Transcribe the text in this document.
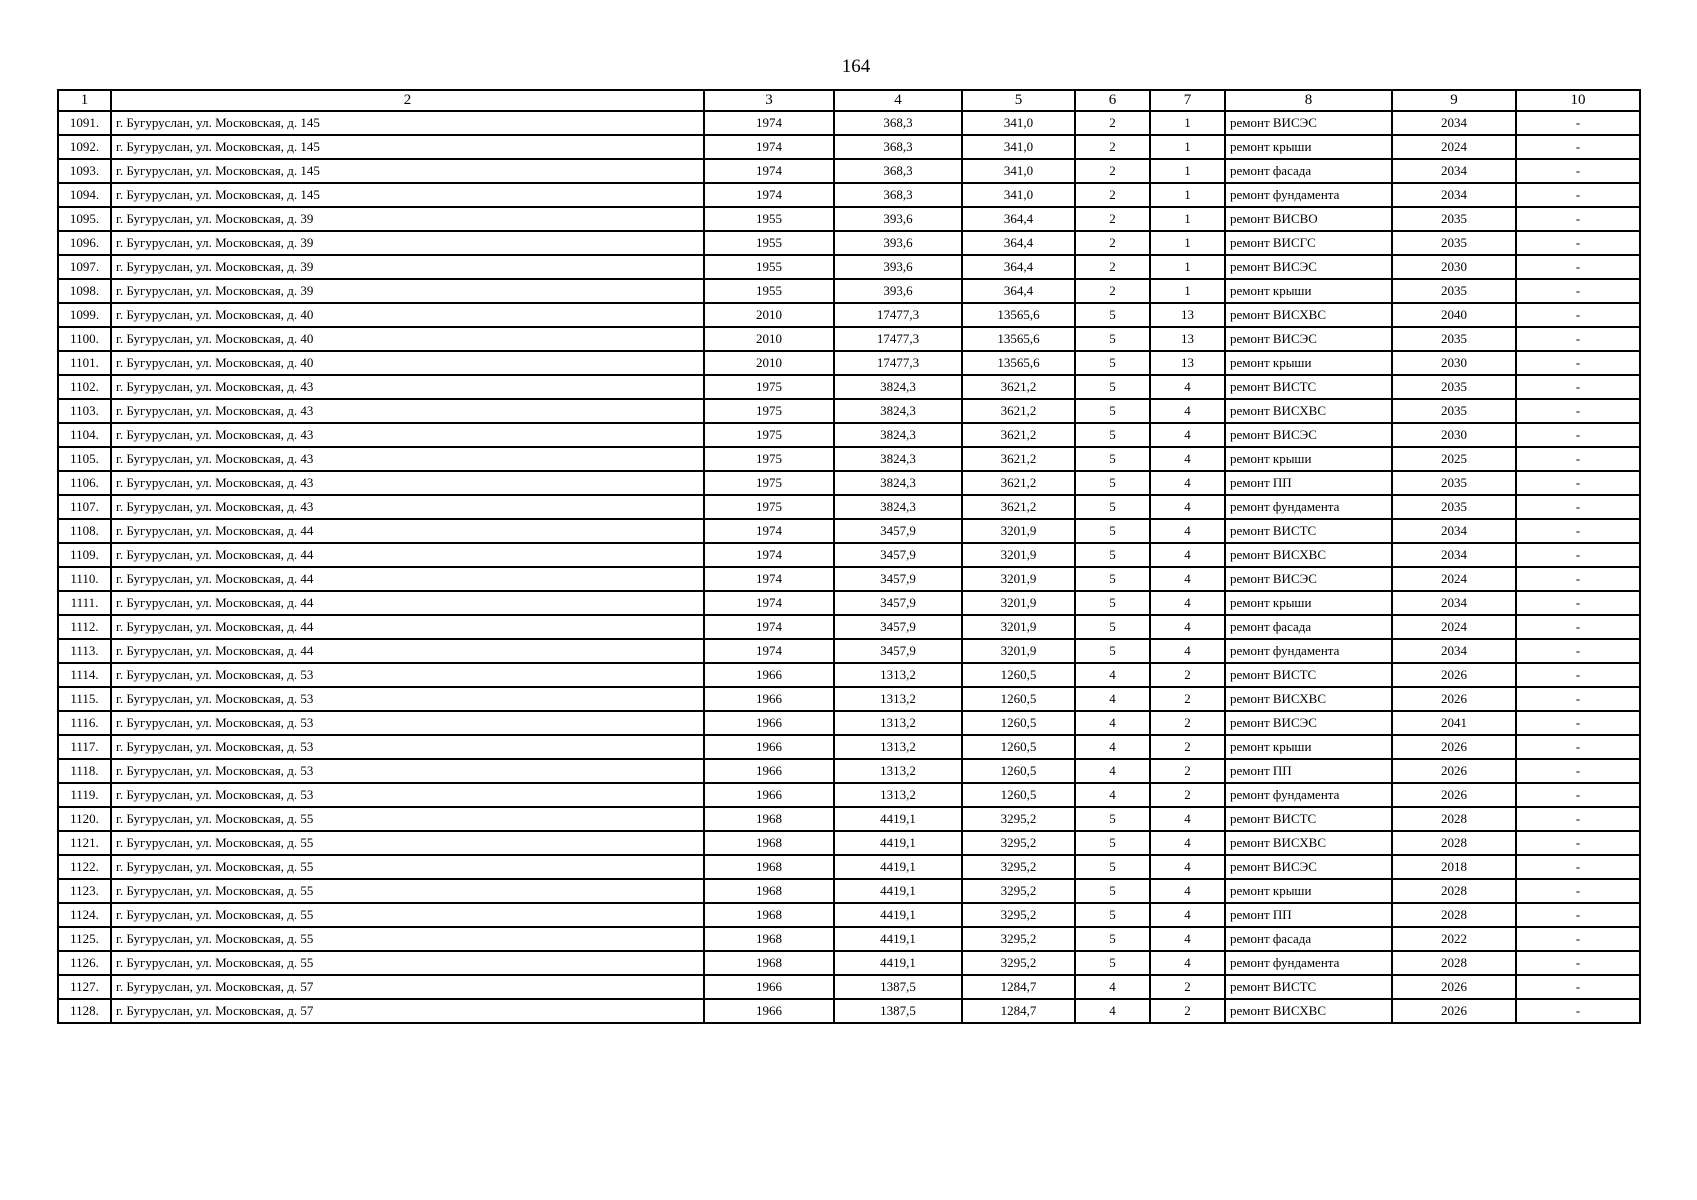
164
1	2	3	4	5	6	7	8	9	10
1091.	г. Бугуруслан, ул. Московская, д. 145	1974	368,3	341,0	2	1	ремонт ВИСЭС	2034	-
1092.	г. Бугуруслан, ул. Московская, д. 145	1974	368,3	341,0	2	1	ремонт крыши	2024	-
1093.	г. Бугуруслан, ул. Московская, д. 145	1974	368,3	341,0	2	1	ремонт фасада	2034	-
1094.	г. Бугуруслан, ул. Московская, д. 145	1974	368,3	341,0	2	1	ремонт фундамента	2034	-
1095.	г. Бугуруслан, ул. Московская, д. 39	1955	393,6	364,4	2	1	ремонт ВИСВО	2035	-
1096.	г. Бугуруслан, ул. Московская, д. 39	1955	393,6	364,4	2	1	ремонт ВИСГС	2035	-
1097.	г. Бугуруслан, ул. Московская, д. 39	1955	393,6	364,4	2	1	ремонт ВИСЭС	2030	-
1098.	г. Бугуруслан, ул. Московская, д. 39	1955	393,6	364,4	2	1	ремонт крыши	2035	-
1099.	г. Бугуруслан, ул. Московская, д. 40	2010	17477,3	13565,6	5	13	ремонт ВИСХВС	2040	-
1100.	г. Бугуруслан, ул. Московская, д. 40	2010	17477,3	13565,6	5	13	ремонт ВИСЭС	2035	-
1101.	г. Бугуруслан, ул. Московская, д. 40	2010	17477,3	13565,6	5	13	ремонт крыши	2030	-
1102.	г. Бугуруслан, ул. Московская, д. 43	1975	3824,3	3621,2	5	4	ремонт ВИСТС	2035	-
1103.	г. Бугуруслан, ул. Московская, д. 43	1975	3824,3	3621,2	5	4	ремонт ВИСХВС	2035	-
1104.	г. Бугуруслан, ул. Московская, д. 43	1975	3824,3	3621,2	5	4	ремонт ВИСЭС	2030	-
1105.	г. Бугуруслан, ул. Московская, д. 43	1975	3824,3	3621,2	5	4	ремонт крыши	2025	-
1106.	г. Бугуруслан, ул. Московская, д. 43	1975	3824,3	3621,2	5	4	ремонт ПП	2035	-
1107.	г. Бугуруслан, ул. Московская, д. 43	1975	3824,3	3621,2	5	4	ремонт фундамента	2035	-
1108.	г. Бугуруслан, ул. Московская, д. 44	1974	3457,9	3201,9	5	4	ремонт ВИСТС	2034	-
1109.	г. Бугуруслан, ул. Московская, д. 44	1974	3457,9	3201,9	5	4	ремонт ВИСХВС	2034	-
1110.	г. Бугуруслан, ул. Московская, д. 44	1974	3457,9	3201,9	5	4	ремонт ВИСЭС	2024	-
1111.	г. Бугуруслан, ул. Московская, д. 44	1974	3457,9	3201,9	5	4	ремонт крыши	2034	-
1112.	г. Бугуруслан, ул. Московская, д. 44	1974	3457,9	3201,9	5	4	ремонт фасада	2024	-
1113.	г. Бугуруслан, ул. Московская, д. 44	1974	3457,9	3201,9	5	4	ремонт фундамента	2034	-
1114.	г. Бугуруслан, ул. Московская, д. 53	1966	1313,2	1260,5	4	2	ремонт ВИСТС	2026	-
1115.	г. Бугуруслан, ул. Московская, д. 53	1966	1313,2	1260,5	4	2	ремонт ВИСХВС	2026	-
1116.	г. Бугуруслан, ул. Московская, д. 53	1966	1313,2	1260,5	4	2	ремонт ВИСЭС	2041	-
1117.	г. Бугуруслан, ул. Московская, д. 53	1966	1313,2	1260,5	4	2	ремонт крыши	2026	-
1118.	г. Бугуруслан, ул. Московская, д. 53	1966	1313,2	1260,5	4	2	ремонт ПП	2026	-
1119.	г. Бугуруслан, ул. Московская, д. 53	1966	1313,2	1260,5	4	2	ремонт фундамента	2026	-
1120.	г. Бугуруслан, ул. Московская, д. 55	1968	4419,1	3295,2	5	4	ремонт ВИСТС	2028	-
1121.	г. Бугуруслан, ул. Московская, д. 55	1968	4419,1	3295,2	5	4	ремонт ВИСХВС	2028	-
1122.	г. Бугуруслан, ул. Московская, д. 55	1968	4419,1	3295,2	5	4	ремонт ВИСЭС	2018	-
1123.	г. Бугуруслан, ул. Московская, д. 55	1968	4419,1	3295,2	5	4	ремонт крыши	2028	-
1124.	г. Бугуруслан, ул. Московская, д. 55	1968	4419,1	3295,2	5	4	ремонт ПП	2028	-
1125.	г. Бугуруслан, ул. Московская, д. 55	1968	4419,1	3295,2	5	4	ремонт фасада	2022	-
1126.	г. Бугуруслан, ул. Московская, д. 55	1968	4419,1	3295,2	5	4	ремонт фундамента	2028	-
1127.	г. Бугуруслан, ул. Московская, д. 57	1966	1387,5	1284,7	4	2	ремонт ВИСТС	2026	-
1128.	г. Бугуруслан, ул. Московская, д. 57	1966	1387,5	1284,7	4	2	ремонт ВИСХВС	2026	-
